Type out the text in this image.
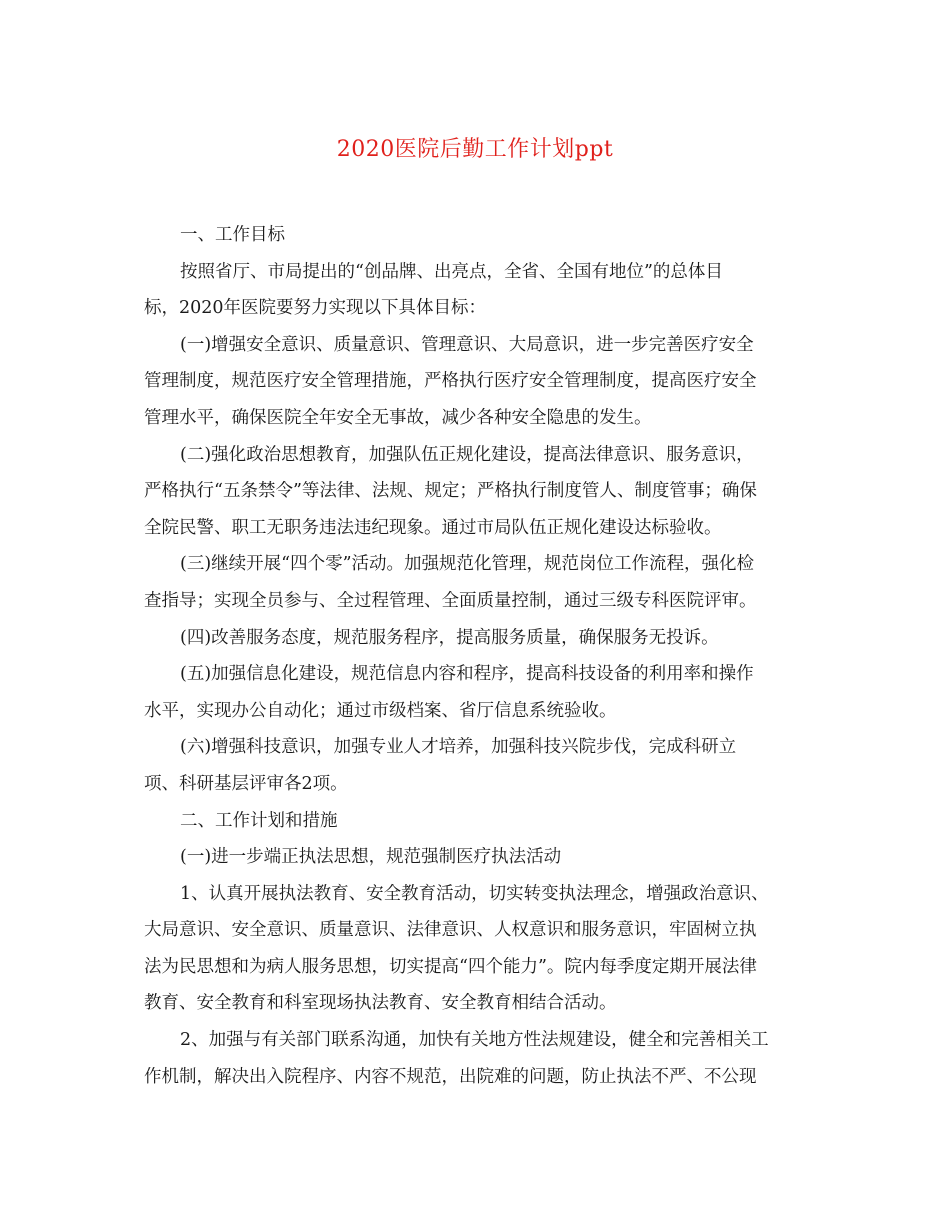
2020医院后勤工作计划ppt
一、工作目标
按照省厅、市局提出的“创品牌、出亮点，全省、全国有地位”的总体目
标，2020年医院要努力实现以下具体目标：
(一)增强安全意识、质量意识、管理意识、大局意识，进一步完善医疗安全
管理制度，规范医疗安全管理措施，严格执行医疗安全管理制度，提高医疗安全
管理水平，确保医院全年安全无事故，减少各种安全隐患的发生。
(二)强化政治思想教育，加强队伍正规化建设，提高法律意识、服务意识，
严格执行“五条禁令”等法律、法规、规定；严格执行制度管人、制度管事；确保
全院民警、职工无职务违法违纪现象。通过市局队伍正规化建设达标验收。
(三)继续开展“四个零”活动。加强规范化管理，规范岗位工作流程，强化检
查指导；实现全员参与、全过程管理、全面质量控制，通过三级专科医院评审。
(四)改善服务态度，规范服务程序，提高服务质量，确保服务无投诉。
(五)加强信息化建设，规范信息内容和程序，提高科技设备的利用率和操作
水平，实现办公自动化；通过市级档案、省厅信息系统验收。
(六)增强科技意识，加强专业人才培养，加强科技兴院步伐，完成科研立
项、科研基层评审各2项。
二、工作计划和措施
(一)进一步端正执法思想，规范强制医疗执法活动
1、认真开展执法教育、安全教育活动，切实转变执法理念，增强政治意识、
大局意识、安全意识、质量意识、法律意识、人权意识和服务意识，牢固树立执
法为民思想和为病人服务思想，切实提高“四个能力”。院内每季度定期开展法律
教育、安全教育和科室现场执法教育、安全教育相结合活动。
2、加强与有关部门联系沟通，加快有关地方性法规建设，健全和完善相关工
作机制，解决出入院程序、内容不规范，出院难的问题，防止执法不严、不公现
